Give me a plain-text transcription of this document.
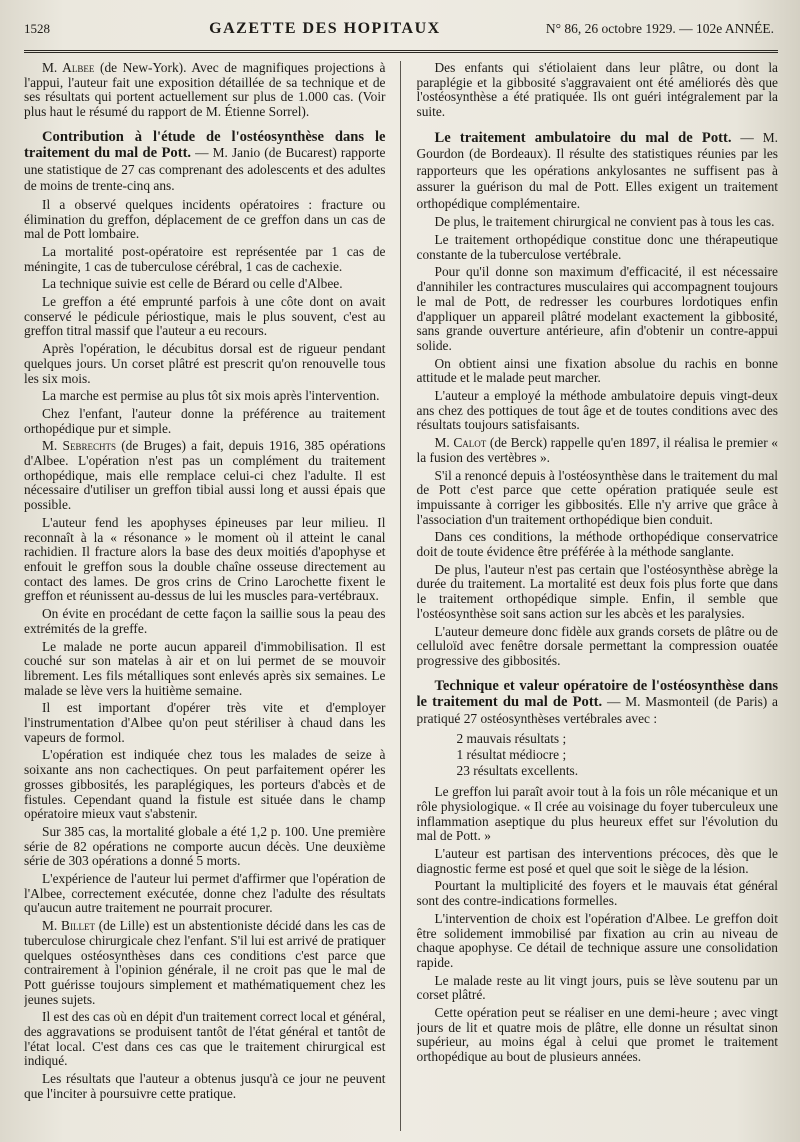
1528	GAZETTE DES HOPITAUX	N° 86, 26 octobre 1929. — 102e ANNÉE.

M. Albee (de New-York). Avec de magnifiques projections à l'appui, l'auteur fait une exposition détaillée de sa technique et de ses résultats qui portent actuellement sur plus de 1.000 cas. (Voir plus haut le résumé du rapport de M. Étienne Sorrel).

Contribution à l'étude de l'ostéosynthèse dans le traitement du mal de Pott. — M. Janio (de Bucarest) rapporte une statistique de 27 cas comprenant des adolescents et des adultes de moins de trente-cinq ans.

Il a observé quelques incidents opératoires : fracture ou élimination du greffon, déplacement de ce greffon dans un cas de mal de Pott lombaire.

La mortalité post-opératoire est représentée par 1 cas de méningite, 1 cas de tuberculose cérébral, 1 cas de cachexie.

La technique suivie est celle de Bérard ou celle d'Albee.

Le greffon a été emprunté parfois à une côte dont on avait conservé le pédicule périostique, mais le plus souvent, c'est au greffon titral massif que l'auteur a eu recours.

Après l'opération, le décubitus dorsal est de rigueur pendant quelques jours. Un corset plâtré est prescrit qu'on renouvelle tous les six mois.

La marche est permise au plus tôt six mois après l'intervention.

Chez l'enfant, l'auteur donne la préférence au traitement orthopédique pur et simple.

M. Sebrechts (de Bruges) a fait, depuis 1916, 385 opérations d'Albee. L'opération n'est pas un complément du traitement orthopédique, mais elle remplace celui-ci chez l'adulte. Il est nécessaire d'utiliser un greffon tibial aussi long et aussi épais que possible.

L'auteur fend les apophyses épineuses par leur milieu. Il reconnaît à la « résonance » le moment où il atteint le canal rachidien. Il fracture alors la base des deux moitiés d'apophyse et enfouit le greffon sous la double chaîne osseuse directement au contact des lames. De gros crins de Crino Larochette fixent le greffon et réunissent au-dessus de lui les muscles para-vertébraux.

On évite en procédant de cette façon la saillie sous la peau des extrémités de la greffe.

Le malade ne porte aucun appareil d'immobilisation. Il est couché sur son matelas à air et on lui permet de se mouvoir librement. Les fils métalliques sont enlevés après six semaines. Le malade se lève vers la huitième semaine.

Il est important d'opérer très vite et d'employer l'instrumentation d'Albee qu'on peut stériliser à chaud dans les vapeurs de formol.

L'opération est indiquée chez tous les malades de seize à soixante ans non cachectiques. On peut parfaitement opérer les grosses gibbosités, les paraplégiques, les porteurs d'abcès et de fistules. Cependant quand la fistule est située dans le champ opératoire mieux vaut s'abstenir.

Sur 385 cas, la mortalité globale a été 1,2 p. 100. Une première série de 82 opérations ne comporte aucun décès. Une deuxième série de 303 opérations a donné 5 morts.

L'expérience de l'auteur lui permet d'affirmer que l'opération de l'Albee, correctement exécutée, donne chez l'adulte des résultats qu'aucun autre traitement ne pourrait procurer.

M. Billet (de Lille) est un abstentioniste décidé dans les cas de tuberculose chirurgicale chez l'enfant. S'il lui est arrivé de pratiquer quelques ostéosynthèses dans ces conditions c'est parce que contrairement à l'opinion générale, il ne croit pas que le mal de Pott guérisse toujours simplement et mathématiquement chez les jeunes sujets.

Il est des cas où en dépit d'un traitement correct local et général, des aggravations se produisent tantôt de l'état général et tantôt de l'état local. C'est dans ces cas que le traitement chirurgical est indiqué.

Les résultats que l'auteur a obtenus jusqu'à ce jour ne peuvent que l'inciter à poursuivre cette pratique.

Des enfants qui s'étiolaient dans leur plâtre, ou dont la paraplégie et la gibbosité s'aggravaient ont été améliorés dès que l'ostéosynthèse a été pratiquée. Ils ont guéri intégralement par la suite.

Le traitement ambulatoire du mal de Pott. — M. Gourdon (de Bordeaux). Il résulte des statistiques réunies par les rapporteurs que les opérations ankylosantes ne suffisent pas à assurer la guérison du mal de Pott. Elles exigent un traitement orthopédique complémentaire.

De plus, le traitement chirurgical ne convient pas à tous les cas.

Le traitement orthopédique constitue donc une thérapeutique constante de la tuberculose vertébrale.

Pour qu'il donne son maximum d'efficacité, il est nécessaire d'annihiler les contractures musculaires qui accompagnent toujours le mal de Pott, de redresser les courbures lordotiques enfin d'appliquer un appareil plâtré modelant exactement la gibbosité, sans grande ouverture antérieure, afin d'obtenir un contre-appui solide.

On obtient ainsi une fixation absolue du rachis en bonne attitude et le malade peut marcher.

L'auteur a employé la méthode ambulatoire depuis vingt-deux ans chez des pottiques de tout âge et de toutes conditions avec des résultats toujours satisfaisants.

M. Calot (de Berck) rappelle qu'en 1897, il réalisa le premier « la fusion des vertèbres ».

S'il a renoncé depuis à l'ostéosynthèse dans le traitement du mal de Pott c'est parce que cette opération pratiquée seule est impuissante à corriger les gibbosités. Elle n'y arrive que grâce à l'association d'un traitement orthopédique bien conduit.

Dans ces conditions, la méthode orthopédique conservatrice doit de toute évidence être préférée à la méthode sanglante.

De plus, l'auteur n'est pas certain que l'ostéosynthèse abrège la durée du traitement. La mortalité est deux fois plus forte que dans le traitement orthopédique simple. Enfin, il semble que l'ostéosynthèse soit sans action sur les abcès et les paralysies.

L'auteur demeure donc fidèle aux grands corsets de plâtre ou de celluloïd avec fenêtre dorsale permettant la compression ouatée progressive des gibbosités.

Technique et valeur opératoire de l'ostéosynthèse dans le traitement du mal de Pott. — M. Masmonteil (de Paris) a pratiqué 27 ostéosynthèses vertébrales avec :
2 mauvais résultats ;
1 résultat médiocre ;
23 résultats excellents.

Le greffon lui paraît avoir tout à la fois un rôle mécanique et un rôle physiologique. « Il crée au voisinage du foyer tuberculeux une inflammation aseptique du plus heureux effet sur l'évolution du mal de Pott. »

L'auteur est partisan des interventions précoces, dès que le diagnostic ferme est posé et quel que soit le siège de la lésion.

Pourtant la multiplicité des foyers et le mauvais état général sont des contre-indications formelles.

L'intervention de choix est l'opération d'Albee. Le greffon doit être solidement immobilisé par fixation au crin au niveau de chaque apophyse. Ce détail de technique assure une consolidation rapide.

Le malade reste au lit vingt jours, puis se lève soutenu par un corset plâtré.

Cette opération peut se réaliser en une demi-heure ; avec vingt jours de lit et quatre mois de plâtre, elle donne un résultat sinon supérieur, au moins égal à celui que promet le traitement orthopédique au bout de plusieurs années.
